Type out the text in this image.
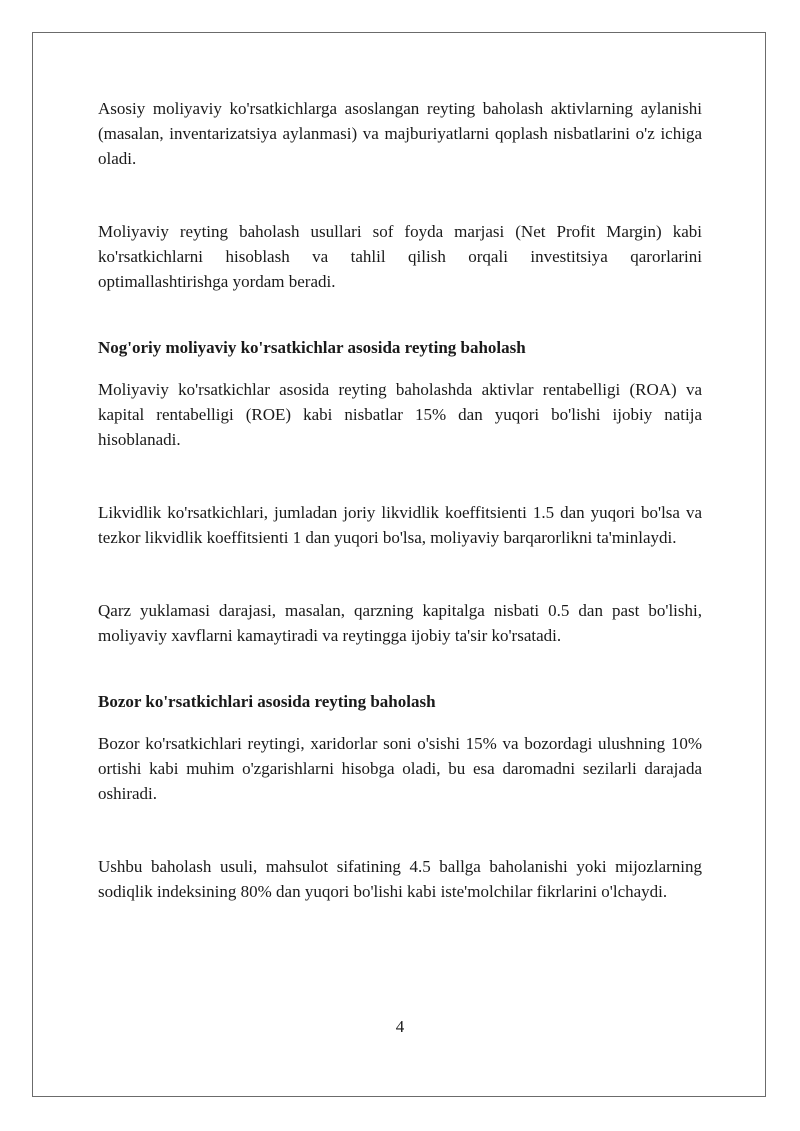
Asosiy moliyaviy ko'rsatkichlarga asoslangan reyting baholash aktivlarning aylanishi (masalan, inventarizatsiya aylanmasi) va majburiyatlarni qoplash nisbatlarini o'z ichiga oladi.

Moliyaviy reyting baholash usullari sof foyda marjasi (Net Profit Margin) kabi ko'rsatkichlarni hisoblash va tahlil qilish orqali investitsiya qarorlarini optimallashtirishga yordam beradi.

Nog'oriy moliyaviy ko'rsatkichlar asosida reyting baholash

Moliyaviy ko'rsatkichlar asosida reyting baholashda aktivlar rentabelligi (ROA) va kapital rentabelligi (ROE) kabi nisbatlar 15% dan yuqori bo'lishi ijobiy natija hisoblanadi.

Likvidlik ko'rsatkichlari, jumladan joriy likvidlik koeffitsienti 1.5 dan yuqori bo'lsa va tezkor likvidlik koeffitsienti 1 dan yuqori bo'lsa, moliyaviy barqarorlikni ta'minlaydi.

Qarz yuklamasi darajasi, masalan, qarzning kapitalga nisbati 0.5 dan past bo'lishi, moliyaviy xavflarni kamaytiradi va reytingga ijobiy ta'sir ko'rsatadi.

Bozor ko'rsatkichlari asosida reyting baholash

Bozor ko'rsatkichlari reytingi, xaridorlar soni o'sishi 15% va bozordagi ulushning 10% ortishi kabi muhim o'zgarishlarni hisobga oladi, bu esa daromadni sezilarli darajada oshiradi.

Ushbu baholash usuli, mahsulot sifatining 4.5 ballga baholanishi yoki mijozlarning sodiqlik indeksining 80% dan yuqori bo'lishi kabi iste'molchilar fikrlarini o'lchaydi.

4
